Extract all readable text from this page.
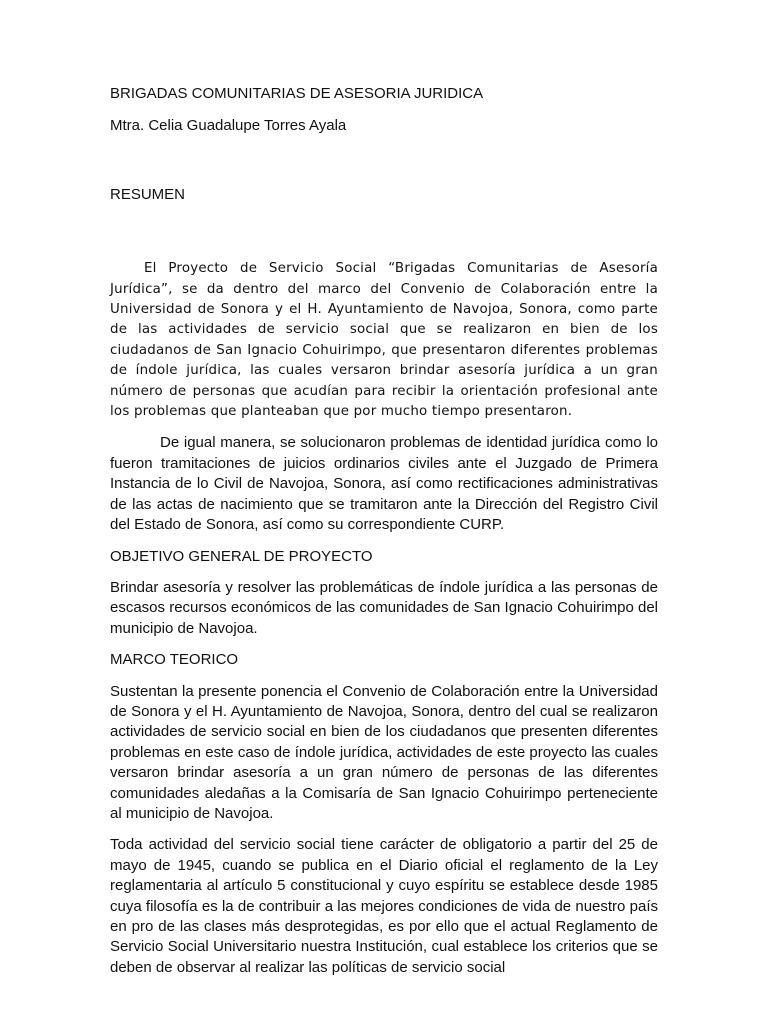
BRIGADAS COMUNITARIAS DE ASESORIA JURIDICA

Mtra. Celia Guadalupe Torres Ayala

RESUMEN

El Proyecto de Servicio Social “Brigadas Comunitarias de Asesoría Jurídica”, se da dentro del marco del Convenio de Colaboración entre la Universidad de Sonora y el H. Ayuntamiento de Navojoa, Sonora, como parte de las actividades de servicio social que se realizaron en bien de los ciudadanos de San Ignacio Cohuirimpo, que presentaron diferentes problemas de índole jurídica, las cuales versaron brindar asesoría jurídica a un gran número de personas que acudían para recibir la orientación profesional ante los problemas que planteaban que por mucho tiempo presentaron.

De igual manera, se solucionaron problemas de identidad jurídica como lo fueron tramitaciones de juicios ordinarios civiles ante el Juzgado de Primera Instancia de lo Civil de Navojoa, Sonora, así como rectificaciones administrativas de las actas de nacimiento que se tramitaron ante la Dirección del Registro Civil del Estado de Sonora, así como su correspondiente CURP.

OBJETIVO GENERAL DE PROYECTO

Brindar asesoría y resolver las problemáticas de índole jurídica a las personas de escasos recursos económicos de las comunidades de San Ignacio Cohuirimpo del municipio de Navojoa.

MARCO TEORICO

Sustentan la presente ponencia el Convenio de Colaboración entre la Universidad de Sonora y el H. Ayuntamiento de Navojoa, Sonora, dentro del cual se realizaron actividades de servicio social en bien de los ciudadanos que presenten diferentes problemas en este caso de índole jurídica, actividades de este proyecto las cuales versaron brindar asesoría a un gran número de personas de las diferentes comunidades aledañas a la Comisaría de San Ignacio Cohuirimpo perteneciente al municipio de Navojoa.

Toda actividad del servicio social tiene carácter de obligatorio a partir del 25 de mayo de 1945, cuando se publica en el Diario oficial el reglamento de la Ley reglamentaria al artículo 5 constitucional y cuyo espíritu se establece desde 1985 cuya filosofía es la de contribuir a las mejores condiciones de vida de nuestro país en pro de las clases más desprotegidas, es por ello que el actual Reglamento de Servicio Social Universitario nuestra Institución, cual establece los criterios que se deben de observar al realizar las políticas de servicio social
